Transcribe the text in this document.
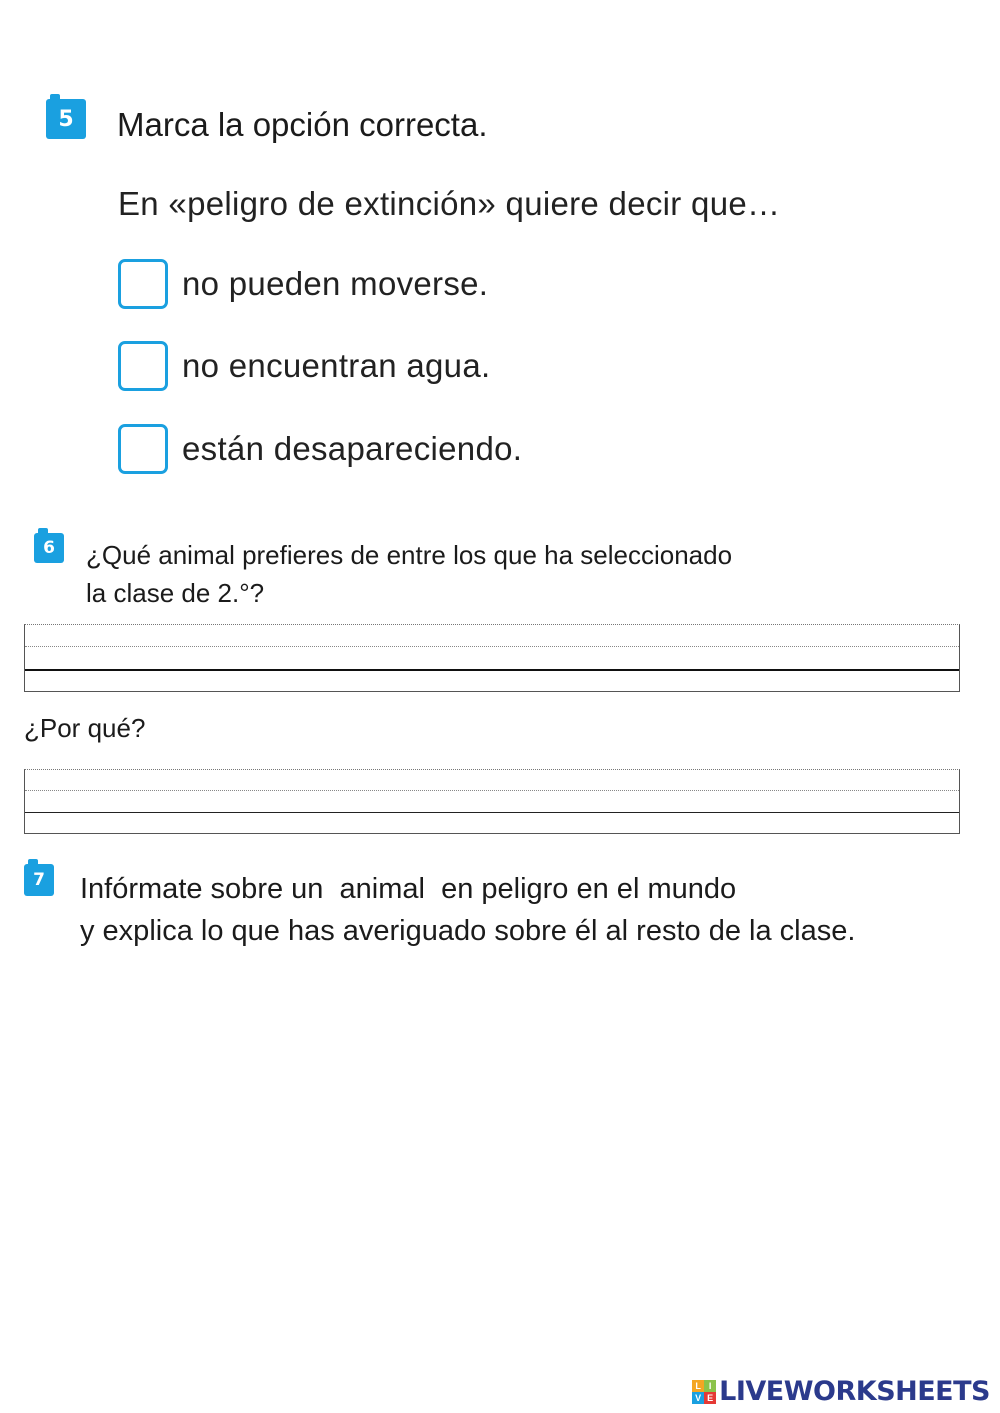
5 Marca la opción correcta.
En «peligro de extinción» quiere decir que…
no pueden moverse.
no encuentran agua.
están desapareciendo.
6 ¿Qué animal prefieres de entre los que ha seleccionado
la clase de 2.°?
¿Por qué?
7 Infórmate sobre un  animal  en peligro en el mundo
y explica lo que has averiguado sobre él al resto de la clase.
L I
V E LIVEWORKSHEETS
